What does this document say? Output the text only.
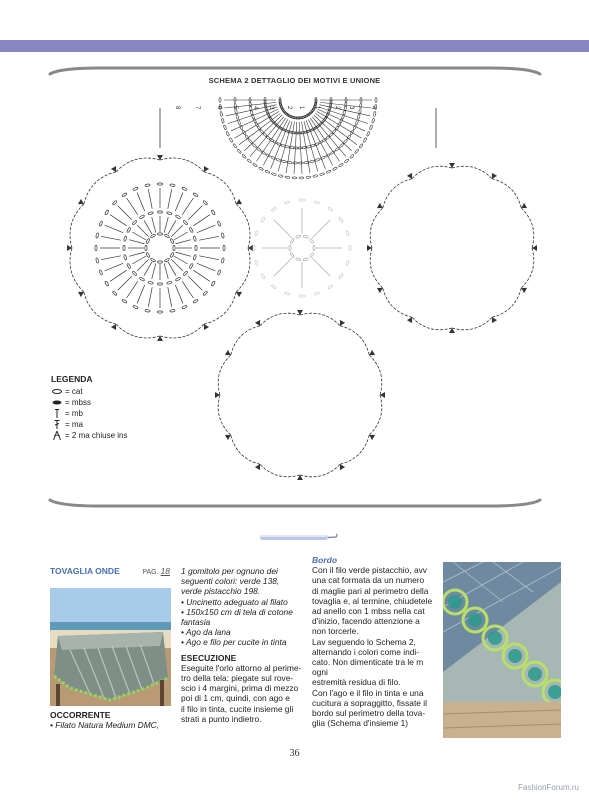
SCHEMA 2 DETTAGLIO DEI MOTIVI E UNIONE
8 7	6 5 4 3 2 1 1 2 3	4
LEGENDA
= cat
= mbss
= mb
= ma
= 2 ma chiuse ins
TOVAGLIA ONDE	PAG. 18
OCCORRENTE
• Filato Natura Medium DMC,
1 gomitolo per ognuno dei
seguenti colori: verde 138,
verde pistacchio 198.
• Uncinetto adeguato al filato
• 150x150 cm di tela di cotone
fantasia
• Ago da lana
• Ago e filo per cucite in tinta
ESECUZIONE
Eseguite l'orlo attorno al perime-
tro della tela: piegate sul rove-
scio i 4 margini, prima di mezzo
poi di 1 cm, quindi, con ago e
il filo in tinta, cucite insieme gli
strati a punto indietro.
Bordo
Con il filo verde pistacchio, avv
una cat formata da un numero
di maglie pari al perimetro della
tovaglia e, al termine, chiudetele
ad anello con 1 mbss nella cat
d'inizio, facendo attenzione a
non torcerle.
Lav seguendo lo Schema 2,
alternando i colori come indi-
cato. Non dimenticate tra le m ogni
estremità residua di filo.
Con l'ago e il filo in tinta e una
cucitura a sopraggitto, fissate il
bordo sul perimetro della tova-
glia (Schema d'insieme 1)
36
FashionForum.ru
